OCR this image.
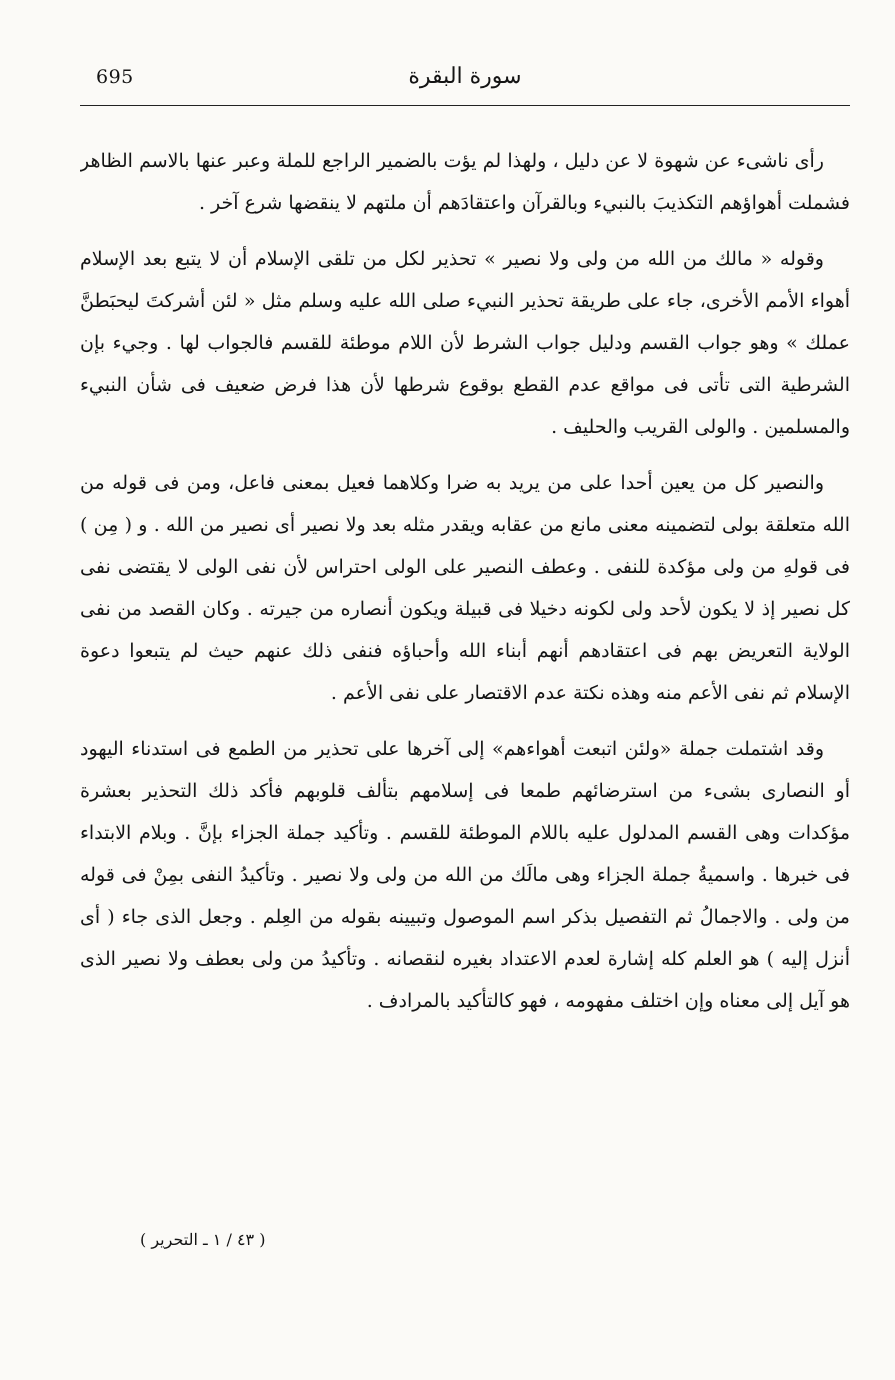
695	سورة البقرة

رأى ناشىء عن شهوة لا عن دليل ، ولهذا لم يؤت بالضمير الراجع للملة وعبر عنها بالاسم الظاهر فشملت أهواؤهم التكذيبَ بالنبيء وبالقرآن واعتقادَهم أن ملتهم لا ينقضها شرع آخر .

وقوله « مالك من الله من ولى ولا نصير » تحذير لكل من تلقى الإسلام أن لا يتبع بعد الإسلام أهواء الأمم الأخرى، جاء على طريقة تحذير النبيء صلى الله عليه وسلم مثل « لئن أشركتَ ليحبَطنَّ عملك » وهو جواب القسم ودليل جواب الشرط لأن اللام موطئة للقسم فالجواب لها . وجيء بإن الشرطية التى تأتى فى مواقع عدم القطع بوقوع شرطها لأن هذا فرض ضعيف فى شأن النبيء والمسلمين . والولى القريب والحليف .

والنصير كل من يعين أحدا على من يريد به ضرا وكلاهما فعيل بمعنى فاعل، ومن فى قوله من الله متعلقة بولى لتضمينه معنى مانع من عقابه ويقدر مثله بعد ولا نصير أى نصير من الله . و ( مِن ) فى قولهِ من ولى مؤكدة للنفى . وعطف النصير على الولى احتراس لأن نفى الولى لا يقتضى نفى كل نصير إذ لا يكون لأحد ولى لكونه دخيلا فى قبيلة ويكون أنصاره من جيرته . وكان القصد من نفى الولاية التعريض بهم فى اعتقادهم أنهم أبناء الله وأحباؤه فنفى ذلك عنهم حيث لم يتبعوا دعوة الإسلام ثم نفى الأعم منه وهذه نكتة عدم الاقتصار على نفى الأعم .

وقد اشتملت جملة «ولئن اتبعت أهواءهم» إلى آخرها على تحذير من الطمع فى استدناء اليهود أو النصارى بشىء من استرضائهم طمعا فى إسلامهم بتألف قلوبهم فأكد ذلك التحذير بعشرة مؤكدات وهى القسم المدلول عليه باللام الموطئة للقسم . وتأكيد جملة الجزاء بإنَّ . وبلام الابتداء فى خبرها . واسميةُ جملة الجزاء وهى مالَك من الله من ولى ولا نصير . وتأكيدُ النفى بمِنْ فى قوله من ولى . والاجمالُ ثم التفصيل بذكر اسم الموصول وتبيينه بقوله من العِلم . وجعل الذى جاء ( أى أنزل إليه ) هو العلم كله إشارة لعدم الاعتداد بغيره لنقصانه . وتأكيدُ من ولى بعطف ولا نصير الذى هو آيل إلى معناه وإن اختلف مفهومه ، فهو كالتأكيد بالمرادف .

( ٤٣ / ١ ـ التحرير )
